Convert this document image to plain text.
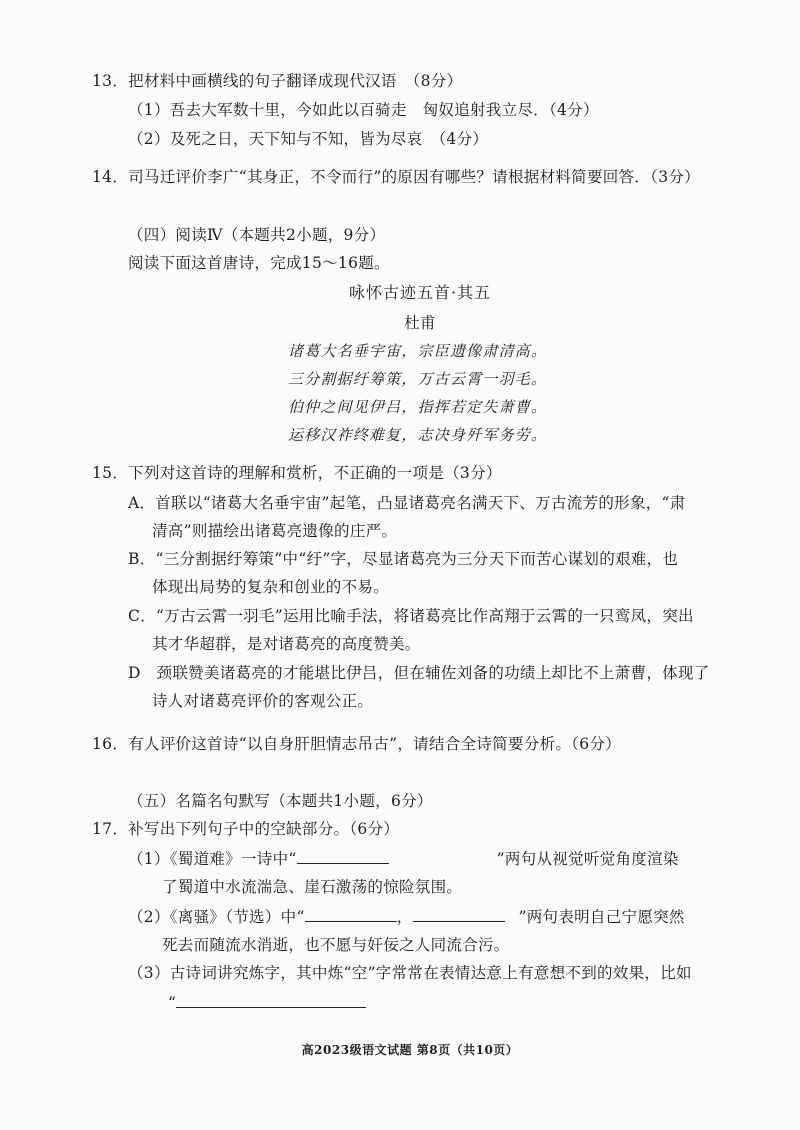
13．把材料中画横线的句子翻译成现代汉语　（8分）
（1）吾去大军数十里，今如此以百骑走　匈奴追射我立尽．（4分）
（2）及死之日，天下知与不知，皆为尽哀　（4分）
14．司马迁评价李广“其身正，不令而行”的原因有哪些？请根据材料简要回答．（3分）
（四）阅读Ⅳ（本题共2小题，9分）
阅读下面这首唐诗，完成15～16题。
咏怀古迹五首·其五
杜甫
诸葛大名垂宇宙，宗臣遗像肃清高。
三分割据纡筹策，万古云霄一羽毛。
伯仲之间见伊吕，指挥若定失萧曹。
运移汉祚终难复，志决身歼军务劳。
15．下列对这首诗的理解和赏析，不正确的一项是（3分）
A．首联以“诸葛大名垂宇宙”起笔，凸显诸葛亮名满天下、万古流芳的形象，“肃
清高”则描绘出诸葛亮遗像的庄严。
B．“三分割据纡筹策”中“纡”字，尽显诸葛亮为三分天下而苦心谋划的艰难，也
体现出局势的复杂和创业的不易。
C．“万古云霄一羽毛”运用比喻手法，将诸葛亮比作高翔于云霄的一只鸾凤，突出
其才华超群，是对诸葛亮的高度赞美。
D　颈联赞美诸葛亮的才能堪比伊吕，但在辅佐刘备的功绩上却比不上萧曹，体现了
诗人对诸葛亮评价的客观公正。
16．有人评价这首诗“以自身肝胆情志吊古”，请结合全诗简要分析。（6分）
（五）名篇名句默写（本题共1小题，6分）
17．补写出下列句子中的空缺部分。（6分）
（1）《蜀道难》一诗中“	”两句从视觉听觉角度渲染
了蜀道中水流湍急、崖石激荡的惊险氛围。
（2）《离骚》（节选）中“	，	”两句表明自己宁愿突然
死去而随流水消逝，也不愿与奸佞之人同流合污。
（3）古诗词讲究炼字，其中炼“空”字常常在表情达意上有意想不到的效果，比如
“
高2023级语文试题 第8页（共10页）
